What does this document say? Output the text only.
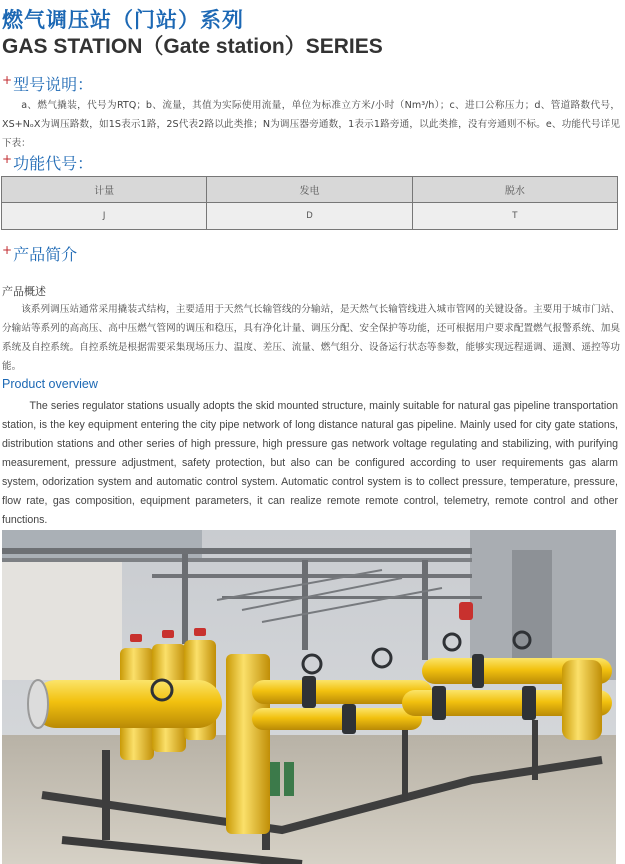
燃气调压站（门站）系列
GAS STATION（Gate station）SERIES
+型号说明：
a、燃气撬装，代号为RTQ；b、流量，其值为实际使用流量，单位为标准立方米/小时（Nm³/h）；c、进口公称压力；d、管道路数代号，XS+NₒX为调压路数，如1S表示1路，2S代表2路以此类推；N为调压器旁通数，1表示1路旁通，以此类推，没有旁通则不标。e、功能代号详见下表：
+功能代号：
计量	发电	脱水
J	D	T
+产品简介
产品概述
该系列调压站通常采用撬装式结构，主要适用于天然气长输管线的分输站，是天然气长输管线进入城市管网的关键设备。主要用于城市门站、分输站等系列的高高压、高中压燃气管网的调压和稳压，具有净化计量、调压分配、安全保护等功能，还可根据用户要求配置燃气报警系统、加臭系统及自控系统。自控系统是根据需要采集现场压力、温度、差压、流量、燃气组分、设备运行状态等参数，能够实现远程遥调、遥测、遥控等功能。
Product overview
The series regulator stations usually adopts the skid mounted structure, mainly suitable for natural gas pipeline transportation station, is the key equipment entering the city pipe network of long distance natural gas pipeline. Mainly used for city gate stations, distribution stations and other series of high pressure, high pressure gas network voltage regulating and stabilizing, with purifying measurement, pressure adjustment, safety protection, but also can be configured according to user requirements gas alarm system, odorization system and automatic control system. Automatic control system is to collect pressure, temperature, pressure, flow rate, gas composition, equipment parameters, it can realize remote remote control, telemetry, remote control and other functions.
